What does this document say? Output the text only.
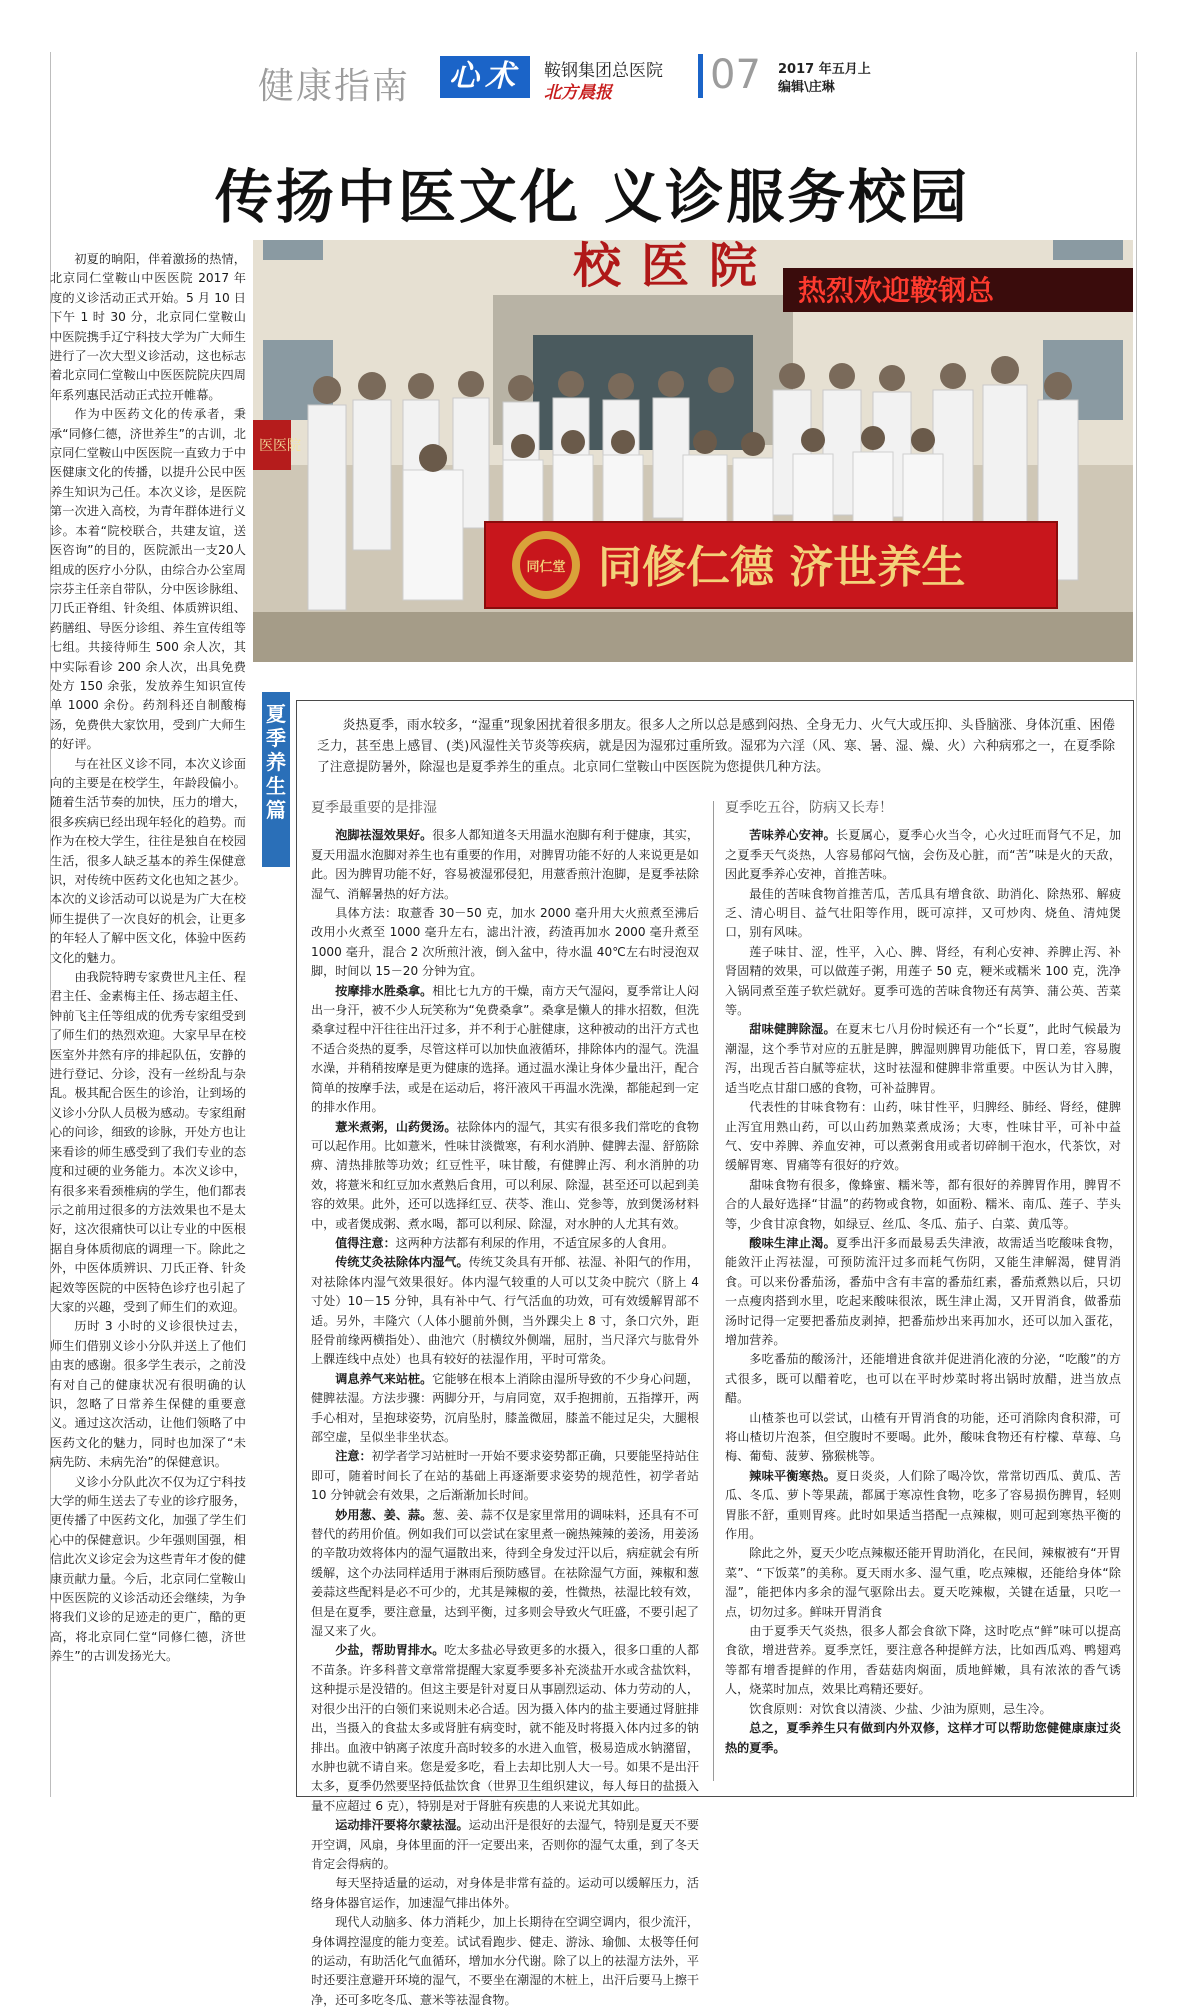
健康指南	心术	鞍钢集团总医院
北方晨报 07 2017 年五月上
编辑\庄琳
传扬中医文化 义诊服务校园

初夏的晌阳，伴着激扬的热情，北京同仁堂鞍山中医医院 2017 年度的义诊活动正式开始。5 月 10 日下午 1 时 30 分，北京同仁堂鞍山中医院携手辽宁科技大学为广大师生进行了一次大型义诊活动，这也标志着北京同仁堂鞍山中医医院院庆四周年系列惠民活动正式拉开帷幕。

作为中医药文化的传承者，秉承“同修仁德，济世养生”的古训，北京同仁堂鞍山中医医院一直致力于中医健康文化的传播，以提升公民中医养生知识为己任。本次义诊，是医院第一次进入高校，为青年群体进行义诊。本着“院校联合，共建友谊，送医咨询”的目的，医院派出一支20人组成的医疗小分队，由综合办公室周宗芬主任亲自带队，分中医诊脉组、刀氏正脊组、针灸组、体质辨识组、药膳组、导医分诊组、养生宣传组等七组。共接待师生 500 余人次，其中实际看诊 200 余人次，出具免费处方 150 余张，发放养生知识宣传单 1000 余份。药剂科还自制酸梅汤，免费供大家饮用，受到广大师生的好评。

与在社区义诊不同，本次义诊面向的主要是在校学生，年龄段偏小。随着生活节奏的加快，压力的增大，很多疾病已经出现年轻化的趋势。而作为在校大学生，往往是独自在校园生活，很多人缺乏基本的养生保健意识，对传统中医药文化也知之甚少。本次的义诊活动可以说是为广大在校师生提供了一次良好的机会，让更多的年轻人了解中医文化，体验中医药文化的魅力。

由我院特聘专家费世凡主任、程君主任、金素梅主任、扬志超主任、钟前飞主任等组成的优秀专家组受到了师生们的热烈欢迎。大家早早在校医室外井然有序的排起队伍，安静的进行登记、分诊，没有一丝纷乱与杂乱。极其配合医生的诊治，让到场的义诊小分队人员极为感动。专家组耐心的问诊，细致的诊脉，开处方也让来看诊的师生感受到了我们专业的态度和过硬的业务能力。本次义诊中，有很多来看颈椎病的学生，他们都表示之前用过很多的方法效果也不是太好，这次很痛快可以让专业的中医根据自身体质彻底的调理一下。除此之外，中医体质辨识、刀氏正脊、针灸起效等医院的中医特色诊疗也引起了大家的兴趣，受到了师生们的欢迎。

历时 3 小时的义诊很快过去，师生们借别义诊小分队并送上了他们由衷的感谢。很多学生表示，之前没有对自己的健康状况有很明确的认识，忽略了日常养生保健的重要意义。通过这次活动，让他们领略了中医药文化的魅力，同时也加深了“未病先防、未病先治”的保健意识。

义诊小分队此次不仅为辽宁科技大学的师生送去了专业的诊疗服务，更传播了中医药文化，加强了学生们心中的保健意识。少年强则国强，相信此次义诊定会为这些青年才俊的健康贡献力量。今后，北京同仁堂鞍山中医医院的义诊活动还会继续，为争将我们义诊的足迹走的更广，酷的更高，将北京同仁堂“同修仁德，济世养生”的古训发扬光大。

医医院
校医院 热烈欢迎鞍钢总
同仁堂 同修仁德 济世养生
夏季养生篇
炎热夏季，雨水较多，“湿重”现象困扰着很多朋友。很多人之所以总是感到闷热、全身无力、火气大或压抑、头昏脑涨、身体沉重、困倦乏力，甚至患上感冒、(类)风湿性关节炎等疾病，就是因为湿邪过重所致。湿邪为六淫（风、寒、暑、湿、燥、火）六种病邪之一，在夏季除了注意提防暑外，除湿也是夏季养生的重点。北京同仁堂鞍山中医医院为您提供几种方法。

夏季最重要的是排湿

泡脚祛湿效果好。很多人都知道冬天用温水泡脚有利于健康，其实，夏天用温水泡脚对养生也有重要的作用，对脾胃功能不好的人来说更是如此。因为脾胃功能不好，容易被湿邪侵犯，用薏香煎汁泡脚，是夏季祛除湿气、消解暑热的好方法。

具体方法：取薏香 30－50 克，加水 2000 毫升用大火煎煮至沸后改用小火煮至 1000 毫升左右，滤出汁液，药渣再加水 2000 毫升煮至 1000 毫升，混合 2 次所煎汁液，倒入盆中，待水温 40℃左右时浸泡双脚，时间以 15－20 分钟为宜。

按摩排水胜桑拿。相比七九方的干燥，南方天气湿闷，夏季常让人闷出一身汗，被不少人玩笑称为“免费桑拿”。桑拿是懒人的排水招数，但洗桑拿过程中汗往往出汗过多，并不利于心脏健康，这种被动的出汗方式也不适合炎热的夏季，尽管这样可以加快血液循环，排除体内的湿气。洗温水澡，并稍稍按摩是更为健康的选择。通过温水澡让身体少量出汗，配合简单的按摩手法，或是在运动后，将汗液风干再温水洗澡，都能起到一定的排水作用。

薏米煮粥，山药煲汤。祛除体内的湿气，其实有很多我们常吃的食物可以起作用。比如薏米，性味甘淡微寒，有利水消肿、健脾去湿、舒筋除痹、清热排脓等功效；红豆性平，味甘酸，有健脾止泻、利水消肿的功效，将薏米和红豆加水煮熟后食用，可以利尿、除湿，甚至还可以起到美容的效果。此外，还可以选择红豆、茯苓、淮山、党参等，放到煲汤材料中，或者煲成粥、煮水喝，都可以利尿、除湿，对水肿的人尤其有效。

值得注意：这两种方法都有利尿的作用，不适宜尿多的人食用。

传统艾灸祛除体内湿气。传统艾灸具有开郁、祛湿、补阳气的作用，对祛除体内湿气效果很好。体内湿气较重的人可以艾灸中脘穴（脐上 4 寸处）10－15 分钟，具有补中气、行气活血的功效，可有效缓解胃部不适。另外，丰隆穴（人体小腿前外侧，当外踝尖上 8 寸，条口穴外，距胫骨前缘两横指处）、曲池穴（肘横纹外侧端，屈肘，当尺泽穴与肱骨外上髁连线中点处）也具有较好的祛湿作用，平时可常灸。

调息养气来站桩。它能够在根本上消除由湿所导致的不少身心问题，健脾祛湿。方法步骤：两脚分开，与肩同宽，双手抱拥前，五指撑开，两手心相对，呈抱球姿势，沉肩坠肘，膝盖微屈，膝盖不能过足尖，大腿根部空虚，呈似坐非坐状态。

注意：初学者学习站桩时一开始不要求姿势都正确，只要能坚持站住即可，随着时间长了在站的基础上再逐渐要求姿势的规范性，初学者站 10 分钟就会有效果，之后渐渐加长时间。

妙用葱、姜、蒜。葱、姜、蒜不仅是家里常用的调味料，还具有不可替代的药用价值。例如我们可以尝试在家里煮一碗热辣辣的姜汤，用姜汤的辛散功效将体内的湿气逼散出来，待到全身发过汗以后，病症就会有所缓解，这个办法同样适用于淋雨后预防感冒。在祛除湿气方面，辣椒和葱姜蒜这些配料是必不可少的，尤其是辣椒的姜，性微热，祛湿比较有效，但是在夏季，要注意量，达到平衡，过多则会导致火气旺盛，不要引起了湿又来了火。

少盐，帮助胃排水。吃太多盐必导致更多的水摄入，很多口重的人都不苗条。许多科普文章常常提醒大家夏季要多补充淡盐开水或含盐饮料，这种提示是没错的。但这主要是针对夏日从事剧烈运动、体力劳动的人，对很少出汗的白领们来说则未必合适。因为摄入体内的盐主要通过肾脏排出，当摄入的食盐太多或肾脏有病变时，就不能及时将摄入体内过多的钠排出。血液中钠离子浓度升高时较多的水进入血管，极易造成水钠潴留，水肿也就不请自来。您是爱多吃，看上去却比别人大一号。如果不是出汗太多，夏季仍然要坚持低盐饮食（世界卫生组织建议，每人每日的盐摄入量不应超过 6 克），特别是对于肾脏有疾患的人来说尤其如此。

运动排汗要将尔蒙祛湿。运动出汗是很好的去湿气，特别是夏天不要开空调，风扇，身体里面的汗一定要出来，否则你的湿气太重，到了冬天肯定会得病的。

每天坚持适量的运动，对身体是非常有益的。运动可以缓解压力，活络身体器官运作，加速湿气排出体外。

现代人动脑多、体力消耗少，加上长期待在空调空调内，很少流汗，身体调控湿度的能力变差。试试看跑步、健走、游泳、瑜伽、太极等任何的运动，有助活化气血循环，增加水分代谢。除了以上的祛湿方法外，平时还要注意避开环境的湿气，不要坐在潮湿的木桩上，出汗后要马上擦干净，还可多吃冬瓜、薏米等祛湿食物。

夏季吃五谷，防病又长寿！

苦味养心安神。长夏属心，夏季心火当令，心火过旺而肾气不足，加之夏季天气炎热，人容易郁闷气恼，会伤及心脏，而“苦”味是火的天敌，因此夏季养心安神，首推苦味。

最佳的苦味食物首推苦瓜，苦瓜具有增食欲、助消化、除热邪、解疲乏、清心明目、益气壮阳等作用，既可凉拌，又可炒肉、烧鱼、清炖煲口，别有风味。

莲子味甘、涩，性平，入心、脾、肾经，有利心安神、养脾止泻、补肾固精的效果，可以做莲子粥，用莲子 50 克，粳米或糯米 100 克，洗净入锅同煮至莲子软烂就好。夏季可选的苦味食物还有莴笋、蒲公英、苦菜等。

甜味健脾除湿。在夏末七八月份时候还有一个“长夏”，此时气候最为潮湿，这个季节对应的五脏是脾，脾湿则脾胃功能低下，胃口差，容易腹泻，出现舌苔白腻等症状，这时祛湿和健脾非常重要。中医认为甘入脾，适当吃点甘甜口感的食物，可补益脾胃。

代表性的甘味食物有：山药，味甘性平，归脾经、肺经、肾经，健脾止泻宜用熟山药，可以山药加熟菜煮成汤；大枣，性味甘平，可补中益气、安中养脾、养血安神，可以煮粥食用或者切碎制干泡水，代茶饮，对缓解胃寒、胃痛等有很好的疗效。

甜味食物有很多，像蜂蜜、糯米等，都有很好的养脾胃作用，脾胃不合的人最好选择“甘温”的药物或食物，如面粉、糯米、南瓜、莲子、芋头等，少食甘凉食物，如绿豆、丝瓜、冬瓜、茄子、白菜、黄瓜等。

酸味生津止渴。夏季出汗多而最易丢失津液，故需适当吃酸味食物，能敛汗止泻祛湿，可预防流汗过多而耗气伤阴，又能生津解渴，健胃消食。可以来份番茄汤，番茄中含有丰富的番茄红素，番茄煮熟以后，只切一点瘦肉搭到水里，吃起来酸味很浓，既生津止渴，又开胃消食，做番茄汤时记得一定要把番茄皮剥掉，把番茄炒出来再加水，还可以加入蛋花，增加营养。

多吃番茄的酸汤汁，还能增进食欲并促进消化液的分泌，“吃酸”的方式很多，既可以醋着吃，也可以在平时炒菜时将出锅时放醋，进当放点醋。

山楂茶也可以尝试，山楂有开胃消食的功能，还可消除肉食积滞，可将山楂切片泡茶，但空腹时不要喝。此外，酸味食物还有柠檬、草莓、乌梅、葡萄、菠萝、猕猴桃等。

辣味平衡寒热。夏日炎炎，人们除了喝冷饮，常常切西瓜、黄瓜、苦瓜、冬瓜、萝卜等果蔬，都属于寒凉性食物，吃多了容易损伤脾胃，轻则胃胀不舒，重则胃疼。此时如果适当搭配一点辣椒，则可起到寒热平衡的作用。

除此之外，夏天少吃点辣椒还能开胃助消化，在民间，辣椒被有“开胃菜”、“下饭菜”的美称。夏天雨水多、湿气重，吃点辣椒，还能给身体“除湿”，能把体内多余的湿气驱除出去。夏天吃辣椒，关键在适量，只吃一点，切勿过多。鲜味开胃消食

由于夏季天气炎热，很多人都会食欲下降，这时吃点“鲜”味可以提高食欲，增进营养。夏季烹饪，要注意各种提鲜方法，比如西瓜鸡、鸭翅鸡等都有增香提鲜的作用，香菇菇肉焖面，质地鲜嫩，具有浓浓的香气诱人，烧菜时加点，效果比鸡精还要好。

饮食原则：对饮食以清淡、少盐、少油为原则，忌生冷。

总之，夏季养生只有做到内外双修，这样才可以帮助您健健康康过炎热的夏季。
